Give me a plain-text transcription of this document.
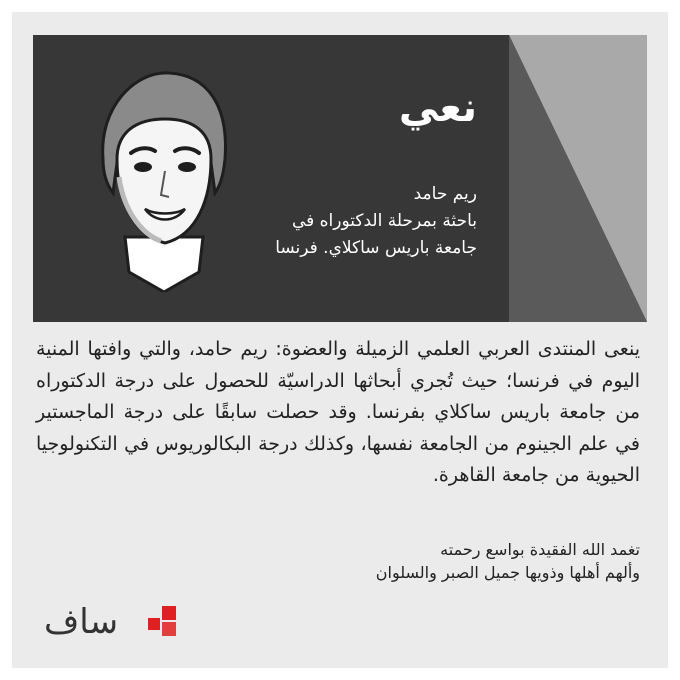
نعي
ريم حامد
باحثة بمرحلة الدكتوراه في
جامعة باريس ساكلاي. فرنسا
ينعى المنتدى العربي العلمي الزميلة والعضوة: ريم حامد، والتي وافتها المنية اليوم في فرنسا؛ حيث تُجري أبحاثها الدراسيّة للحصول على درجة الدكتوراه من جامعة باريس ساكلاي بفرنسا. وقد حصلت سابقًا على درجة الماجستير في علم الجينوم من الجامعة نفسها، وكذلك درجة البكالوريوس في التكنولوجيا الحيوية من جامعة القاهرة.
تغمد الله الفقيدة بواسع رحمته
وألهم أهلها وذويها جميل الصبر والسلوان
ساف
